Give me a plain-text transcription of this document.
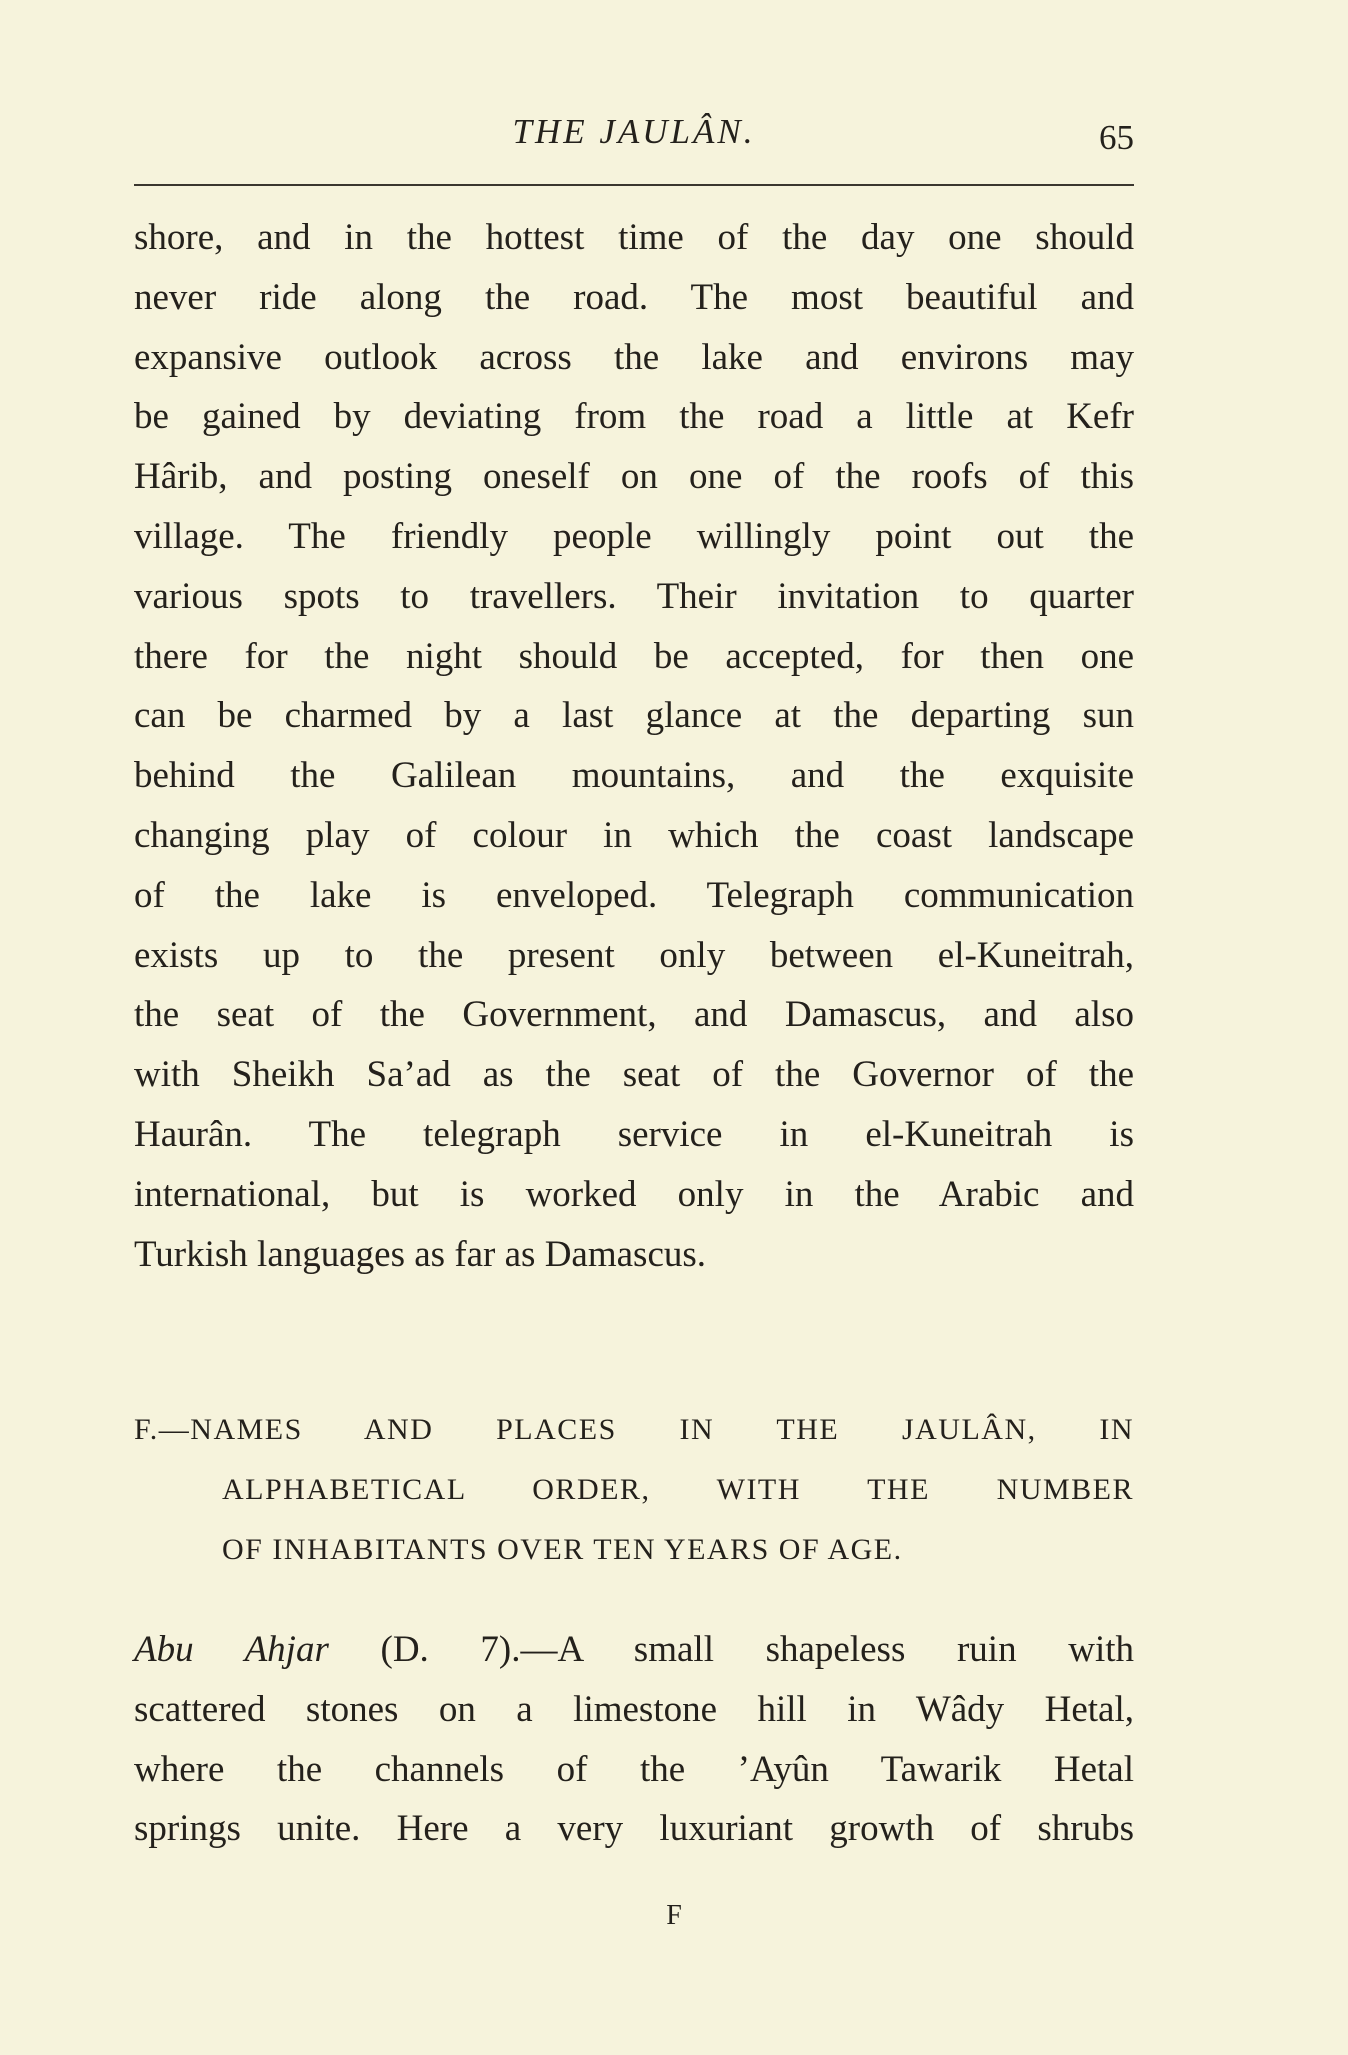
THE JAULÂN.	65
shore, and in the hottest time of the day one should
never ride along the road. The most beautiful and
expansive outlook across the lake and environs may
be gained by deviating from the road a little at Kefr
Hârib, and posting oneself on one of the roofs of this
village. The friendly people willingly point out the
various spots to travellers. Their invitation to quarter
there for the night should be accepted, for then one
can be charmed by a last glance at the departing sun
behind the Galilean mountains, and the exquisite
changing play of colour in which the coast landscape
of the lake is enveloped. Telegraph communication
exists up to the present only between el-Kuneitrah,
the seat of the Government, and Damascus, and also
with Sheikh Sa’ad as the seat of the Governor of the
Haurân. The telegraph service in el-Kuneitrah is
international, but is worked only in the Arabic and
Turkish languages as far as Damascus.
F.—NAMES AND PLACES IN THE JAULÂN, IN
ALPHABETICAL ORDER, WITH THE NUMBER
OF INHABITANTS OVER TEN YEARS OF AGE.
Abu Ahjar (D. 7).—A small shapeless ruin with
scattered stones on a limestone hill in Wâdy Hetal,
where the channels of the ’Ayûn Tawarik Hetal
springs unite. Here a very luxuriant growth of shrubs
F
